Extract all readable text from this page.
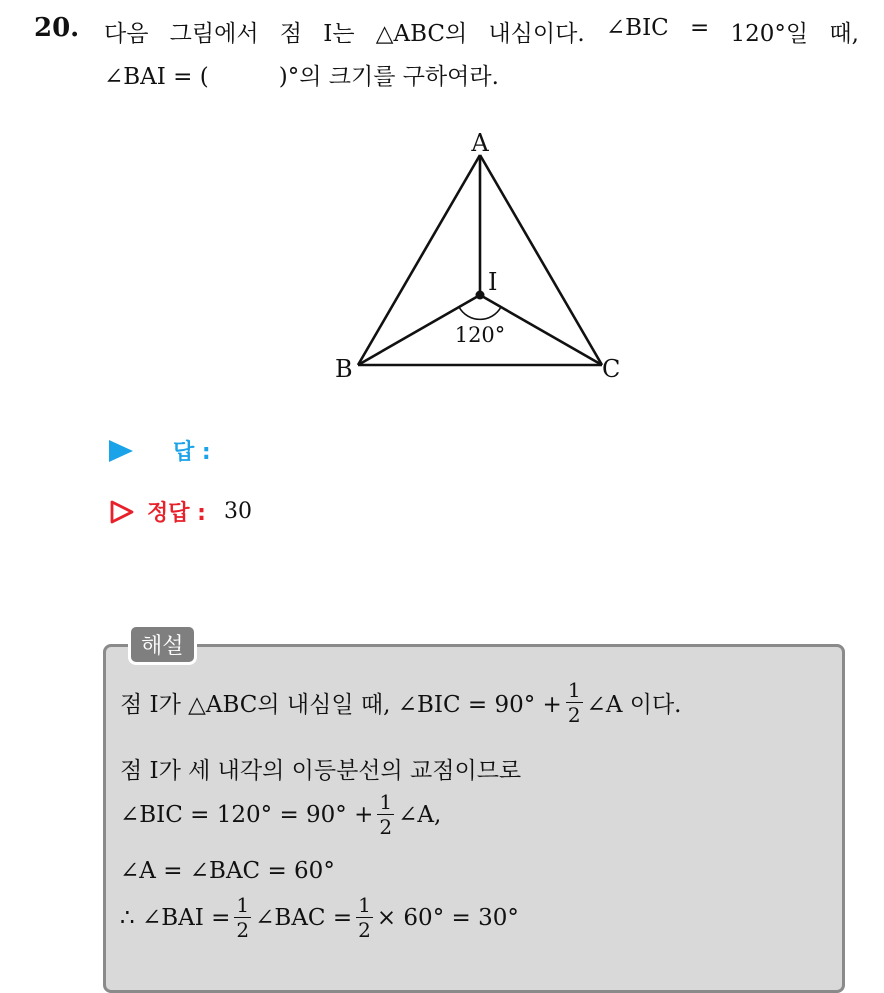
20. 다음 그림에서 점 I는 △ABC의 내심이다. ∠BIC = 120°일 때,
∠BAI = (	)°의 크기를 구하여라.
A
B	C
I
120°
답 :
정답 : 30
해설
점 I가 △ABC의 내심일 때, ∠BIC = $90^\circ + \frac{1}{2}$ ∠A 이다.
점 I가 세 내각의 이등분선의 교점이므로
∠BIC = $120^\circ = 90^\circ + \frac{1}{2}$ ∠A,
∠A = ∠BAC = 60°
∴ ∠BAI = $\frac{1}{2}$ ∠BAC = $\frac{1}{2} \times 60^\circ = 30^\circ$
